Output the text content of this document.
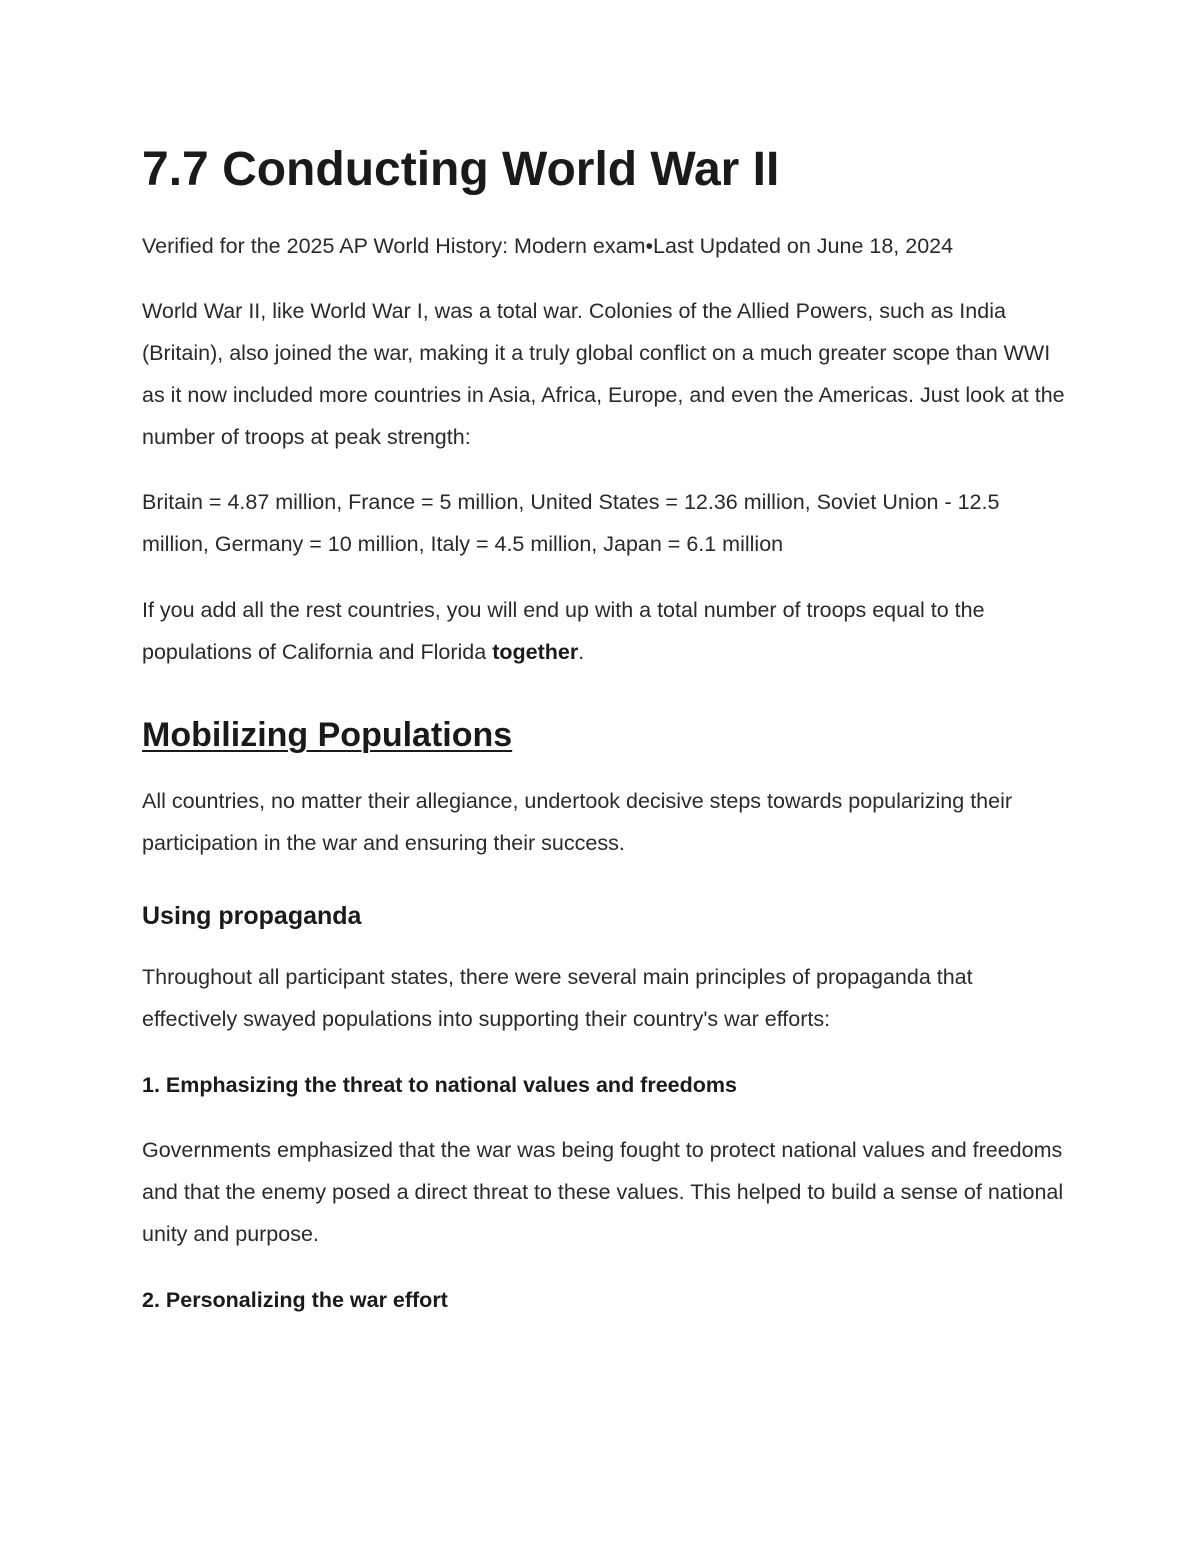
7.7 Conducting World War II

Verified for the 2025 AP World History: Modern exam•Last Updated on June 18, 2024

World War II, like World War I, was a total war. Colonies of the Allied Powers, such as India (Britain), also joined the war, making it a truly global conflict on a much greater scope than WWI as it now included more countries in Asia, Africa, Europe, and even the Americas. Just look at the number of troops at peak strength:

Britain = 4.87 million, France = 5 million, United States = 12.36 million, Soviet Union - 12.5 million, Germany = 10 million, Italy = 4.5 million, Japan = 6.1 million

If you add all the rest countries, you will end up with a total number of troops equal to the populations of California and Florida together.

Mobilizing Populations

All countries, no matter their allegiance, undertook decisive steps towards popularizing their participation in the war and ensuring their success.

Using propaganda

Throughout all participant states, there were several main principles of propaganda that effectively swayed populations into supporting their country's war efforts:

1. Emphasizing the threat to national values and freedoms

Governments emphasized that the war was being fought to protect national values and freedoms and that the enemy posed a direct threat to these values. This helped to build a sense of national unity and purpose.

2. Personalizing the war effort
